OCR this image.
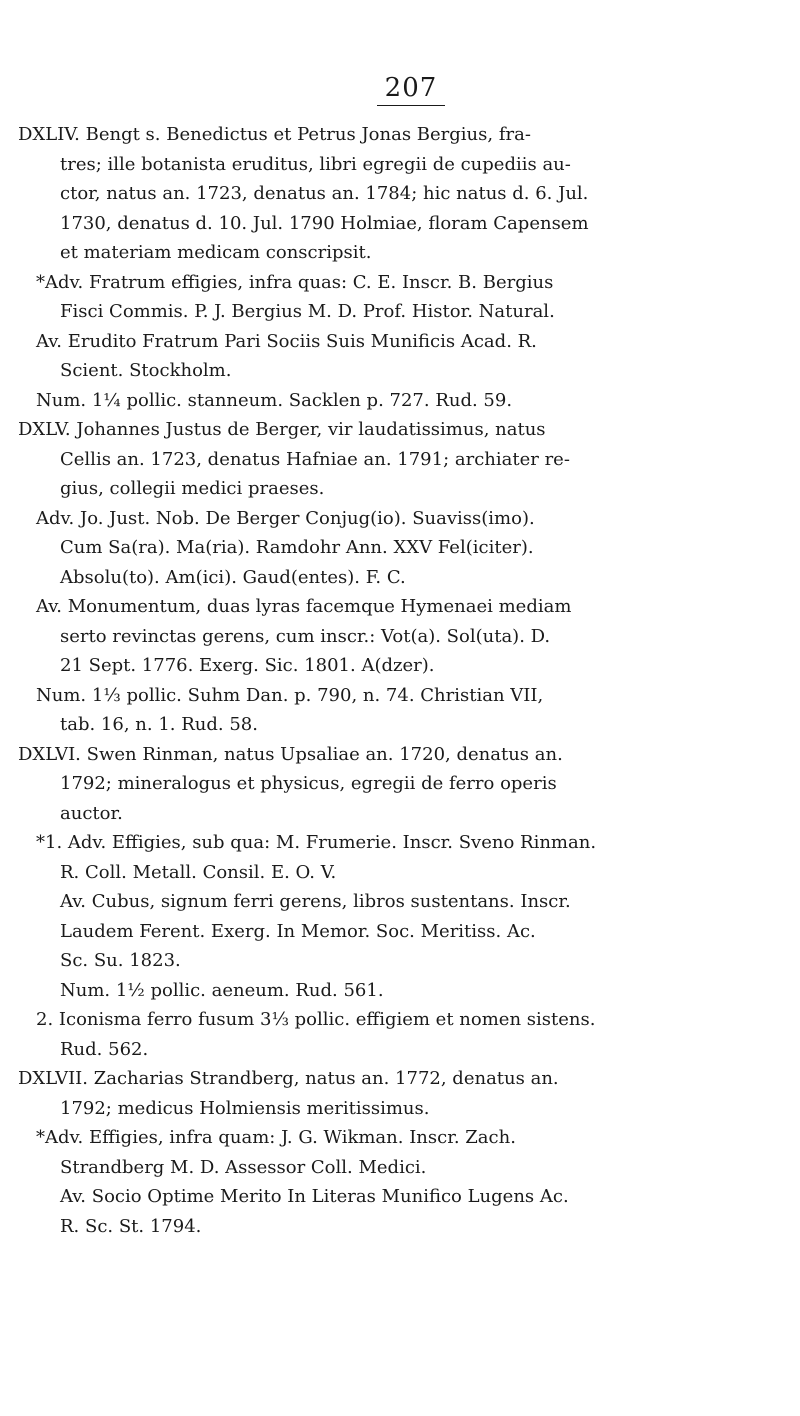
207
DXLIV. Bengt s. Benedictus et Petrus Jonas Bergius, fra-
tres; ille botanista eruditus, libri egregii de cupediis au-
ctor, natus an. 1723, denatus an. 1784; hic natus d. 6. Jul.
1730, denatus d. 10. Jul. 1790 Holmiae, floram Capensem
et materiam medicam conscripsit.
*Adv. Fratrum effigies, infra quas: C. E. Inscr. B. Bergius
Fisci Commis. P. J. Bergius M. D. Prof. Histor. Natural.
Av. Erudito Fratrum Pari Sociis Suis Munificis Acad. R.
Scient. Stockholm.
Num. 1¼ pollic. stanneum. Sacklen p. 727. Rud. 59.
DXLV. Johannes Justus de Berger, vir laudatissimus, natus
Cellis an. 1723, denatus Hafniae an. 1791; archiater re-
gius, collegii medici praeses.
Adv. Jo. Just. Nob. De Berger Conjug(io). Suaviss(imo).
Cum Sa(ra). Ma(ria). Ramdohr Ann. XXV Fel(iciter).
Absolu(to). Am(ici). Gaud(entes). F. C.
Av. Monumentum, duas lyras facemque Hymenaei mediam
serto revinctas gerens, cum inscr.: Vot(a). Sol(uta). D.
21 Sept. 1776. Exerg. Sic. 1801. A(dzer).
Num. 1⅓ pollic. Suhm Dan. p. 790, n. 74. Christian VII,
tab. 16, n. 1. Rud. 58.
DXLVI. Swen Rinman, natus Upsaliae an. 1720, denatus an.
1792; mineralogus et physicus, egregii de ferro operis
auctor.
*1. Adv. Effigies, sub qua: M. Frumerie. Inscr. Sveno Rinman.
R. Coll. Metall. Consil. E. O. V.
Av. Cubus, signum ferri gerens, libros sustentans. Inscr.
Laudem Ferent. Exerg. In Memor. Soc. Meritiss. Ac.
Sc. Su. 1823.
Num. 1½ pollic. aeneum. Rud. 561.
2. Iconisma ferro fusum 3⅓ pollic. effigiem et nomen sistens.
Rud. 562.
DXLVII. Zacharias Strandberg, natus an. 1772, denatus an.
1792; medicus Holmiensis meritissimus.
*Adv. Effigies, infra quam: J. G. Wikman. Inscr. Zach.
Strandberg M. D. Assessor Coll. Medici.
Av. Socio Optime Merito In Literas Munifico Lugens Ac.
R. Sc. St. 1794.
